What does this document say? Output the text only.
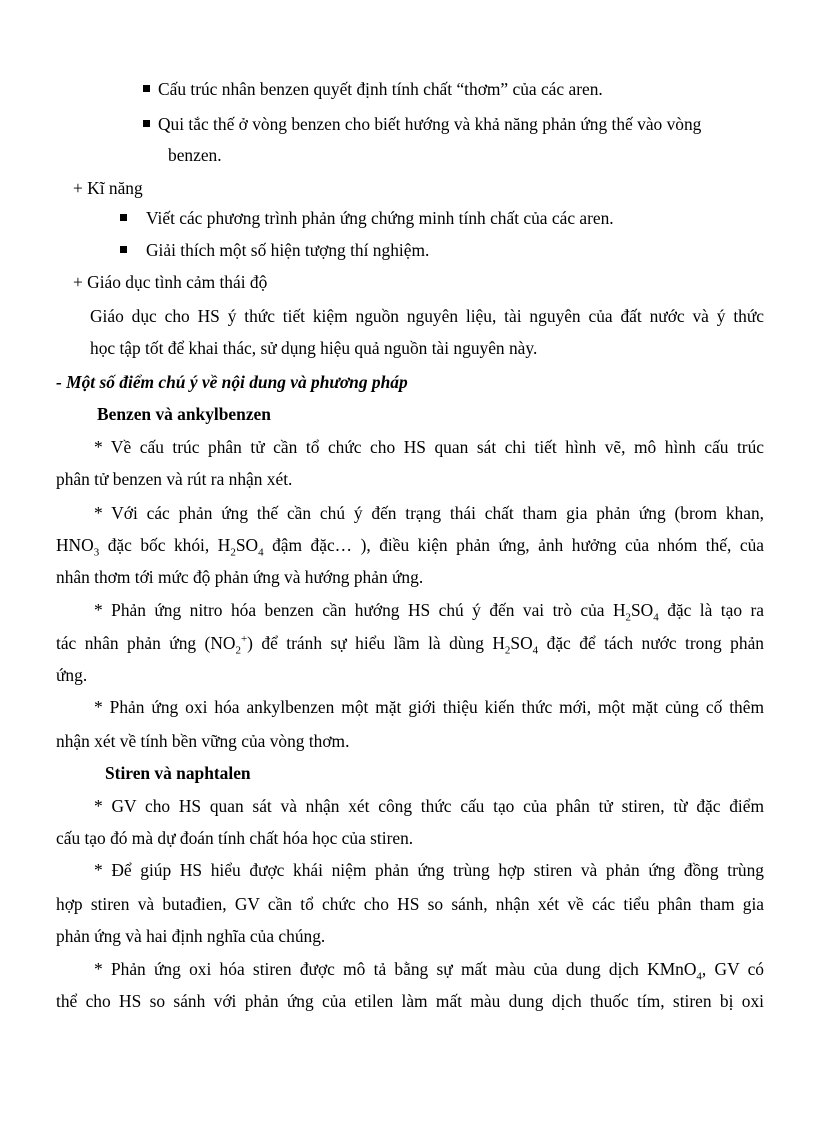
Cấu trúc nhân benzen quyết định tính chất “thơm” của các aren.
Qui tắc thế ở vòng benzen cho biết hướng và khả năng phản ứng thế vào vòng
benzen.
+ Kĩ năng
Viết các phương trình phản ứng chứng minh tính chất của các aren.
Giải thích một số hiện tượng thí nghiệm.
+ Giáo dục tình cảm thái độ
Giáo dục cho HS ý thức tiết kiệm nguồn nguyên liệu, tài nguyên của đất nước và ý thức
học tập tốt để khai thác, sử dụng hiệu quả nguồn tài nguyên này.
- Một số điểm chú ý về nội dung và phương pháp
Benzen và ankylbenzen
* Về cấu trúc phân tử cần tổ chức cho HS quan sát chi tiết hình vẽ, mô hình cấu trúc
phân tử benzen và rút ra nhận xét.
* Với các phản ứng thế cần chú ý đến trạng thái chất tham gia phản ứng (brom khan,
$HNO_3$ đặc bốc khói, $H_2SO_4$ đậm đặc… ), điều kiện phản ứng, ảnh hưởng của nhóm thế, của
nhân thơm tới mức độ phản ứng và hướng phản ứng.
* Phản ứng nitro hóa benzen cần hướng HS chú ý đến vai trò của $H_2SO_4$ đặc là tạo ra
tác nhân phản ứng $(NO_2^+)$ để tránh sự hiểu lầm là dùng $H_2SO_4$ đặc để tách nước trong phản
ứng.
* Phản ứng oxi hóa ankylbenzen một mặt giới thiệu kiến thức mới, một mặt củng cố thêm
nhận xét về tính bền vững của vòng thơm.
Stiren và naphtalen
* GV cho HS quan sát và nhận xét công thức cấu tạo của phân tử stiren, từ đặc điểm
cấu tạo đó mà dự đoán tính chất hóa học của stiren.
* Để giúp HS hiểu được khái niệm phản ứng trùng hợp stiren và phản ứng đồng trùng
hợp stiren và butađien, GV cần tổ chức cho HS so sánh, nhận xét về các tiểu phân tham gia
phản ứng và hai định nghĩa của chúng.
* Phản ứng oxi hóa stiren được mô tả bằng sự mất màu của dung dịch KMnO$_4$, GV có
thể cho HS so sánh với phản ứng của etilen làm mất màu dung dịch thuốc tím, stiren bị oxi
